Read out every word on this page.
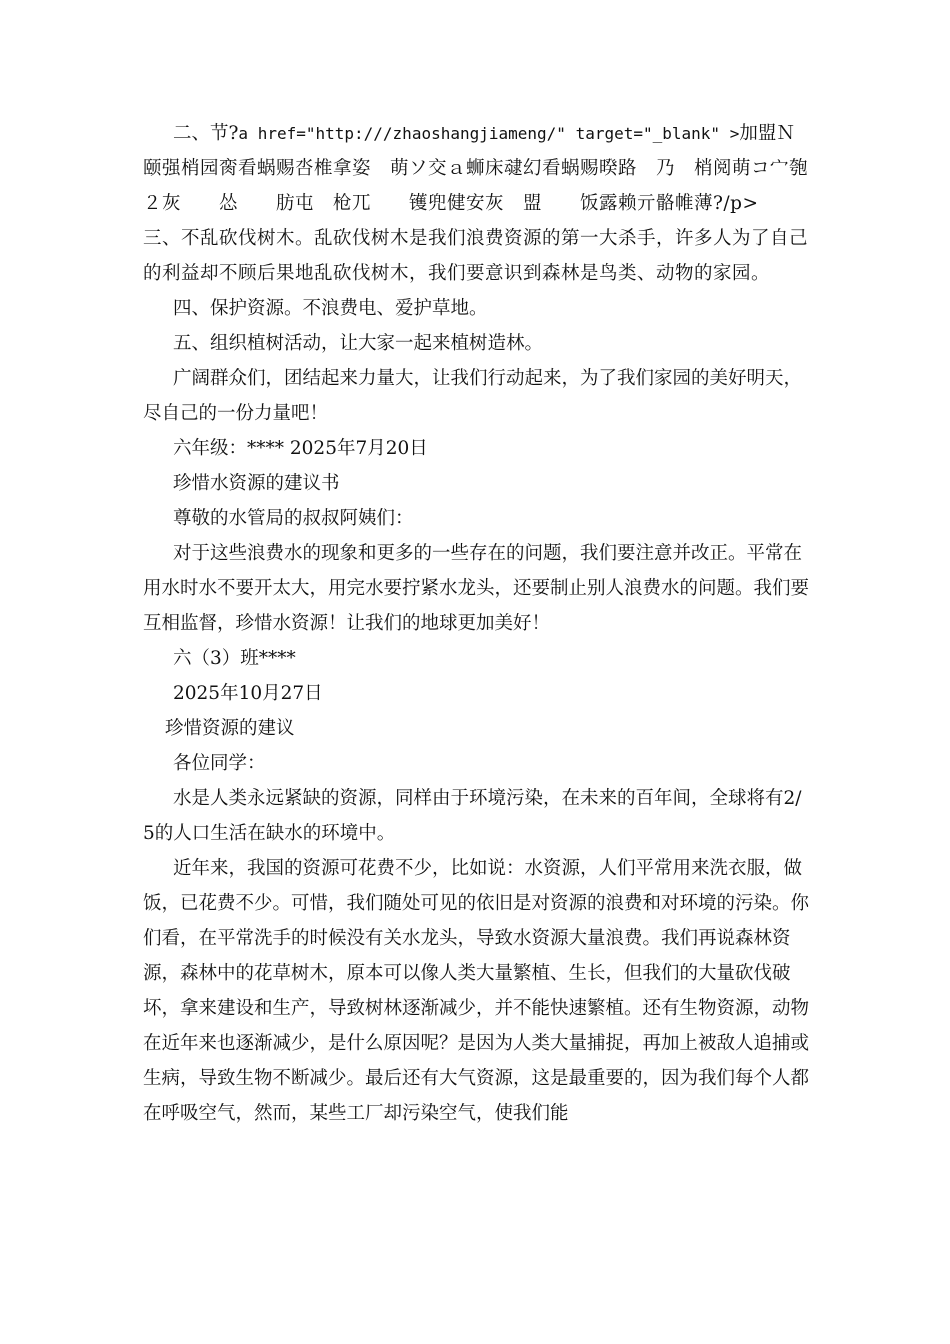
二、节?a href="http:///zhaoshangjiameng/" target="_blank" >加盟Ｎ颐强梢园脔看蜗赐呇椎拿姿　萌ソ交ａ蛳床叇幻看蜗赐暌路　乃　梢阅萌コ宀匏　２灰　　怂　　肪屯　枪兀　　镬兜健安灰　盟　　饭露赖亓骼帷薄?/p>　 三、不乱砍伐树木。乱砍伐树木是我们浪费资源的第一大杀手，许多人为了自己的利益却不顾后果地乱砍伐树木，我们要意识到森林是鸟类、动物的家园。

四、保护资源。不浪费电、爱护草地。

五、组织植树活动，让大家一起来植树造林。

广阔群众们，团结起来力量大，让我们行动起来，为了我们家园的美好明天，尽自己的一份力量吧！

六年级：**** 2025年7月20日

珍惜水资源的建议书

尊敬的水管局的叔叔阿姨们：

对于这些浪费水的现象和更多的一些存在的问题，我们要注意并改正。平常在用水时水不要开太大，用完水要拧紧水龙头，还要制止别人浪费水的问题。我们要互相监督，珍惜水资源！让我们的地球更加美好！

六（3）班****

2025年10月27日

珍惜资源的建议

各位同学：

水是人类永远紧缺的资源，同样由于环境污染，在未来的百年间，全球将有2/5的人口生活在缺水的环境中。

近年来，我国的资源可花费不少，比如说：水资源，人们平常用来洗衣服，做饭，已花费不少。可惜，我们随处可见的依旧是对资源的浪费和对环境的污染。你们看，在平常洗手的时候没有关水龙头，导致水资源大量浪费。我们再说森林资源，森林中的花草树木，原本可以像人类大量繁植、生长，但我们的大量砍伐破坏，拿来建设和生产，导致树林逐渐减少，并不能快速繁植。还有生物资源，动物在近年来也逐渐减少，是什么原因呢？是因为人类大量捕捉，再加上被敌人追捕或生病，导致生物不断减少。最后还有大气资源，这是最重要的，因为我们每个人都在呼吸空气，然而，某些工厂却污染空气，使我们能
